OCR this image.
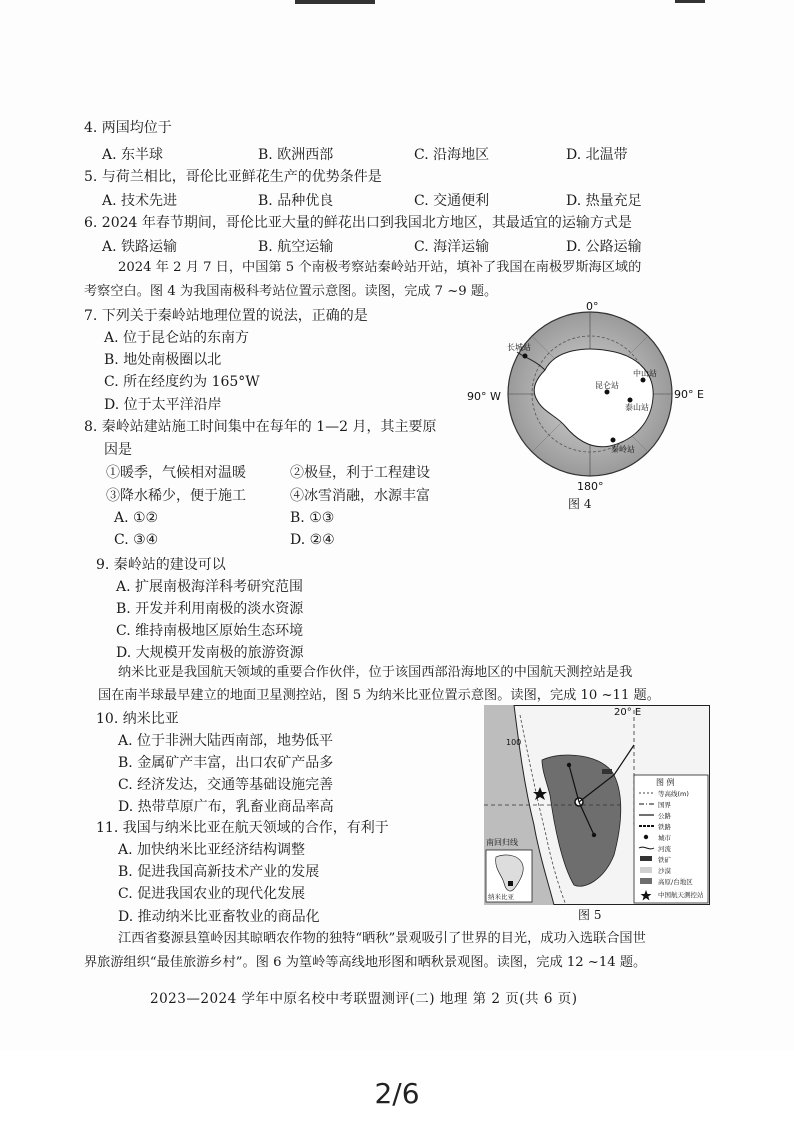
4. 两国均位于
A. 东半球	B. 欧洲西部	C. 沿海地区	D. 北温带
5. 与荷兰相比，哥伦比亚鲜花生产的优势条件是
A. 技术先进	B. 品种优良	C. 交通便利	D. 热量充足
6. 2024 年春节期间，哥伦比亚大量的鲜花出口到我国北方地区，其最适宜的运输方式是
A. 铁路运输	B. 航空运输	C. 海洋运输	D. 公路运输
2024 年 2 月 7 日，中国第 5 个南极考察站秦岭站开站，填补了我国在南极罗斯海区域的
考察空白。图 4 为我国南极科考站位置示意图。读图，完成 7 ~9 题。
7. 下列关于秦岭站地理位置的说法，正确的是
A. 位于昆仑站的东南方
B. 地处南极圈以北
C. 所在经度约为 165°W
D. 位于太平洋沿岸
8. 秦岭站建站施工时间集中在每年的 1—2 月，其主要原
因是
①暖季，气候相对温暖	②极昼，利于工程建设
③降水稀少，便于施工	④冰雪消融，水源丰富
A. ①②	B. ①③
C. ③④	D. ②④
0°
180°
90° W	90° E
昆仑站
中山站
泰山站
长城站
秦岭站
图 4
9. 秦岭站的建设可以
A. 扩展南极海洋科考研究范围
B. 开发并利用南极的淡水资源
C. 维持南极地区原始生态环境
D. 大规模开发南极的旅游资源
纳米比亚是我国航天领域的重要合作伙伴，位于该国西部沿海地区的中国航天测控站是我
国在南半球最早建立的地面卫星测控站，图 5 为纳米比亚位置示意图。读图，完成 10 ~11 题。
10. 纳米比亚
A. 位于非洲大陆西南部，地势低平
B. 金属矿产丰富，出口农矿产品多
C. 经济发达，交通等基础设施完善
D. 热带草原广布，乳畜业商品率高
11. 我国与纳米比亚在航天领域的合作，有利于
A. 加快纳米比亚经济结构调整
B. 促进我国高新技术产业的发展
C. 促进我国农业的现代化发展
D. 推动纳米比亚畜牧业的商品化
20° E
100
南回归线
图 例
等高线(m)
国界
公路
铁路
城市
河流
铁矿
沙漠
高原/台地区
中国航天测控站
纳米比亚
图 5
江西省婺源县篁岭因其晾晒农作物的独特“晒秋”景观吸引了世界的目光，成功入选联合国世
界旅游组织“最佳旅游乡村”。图 6 为篁岭等高线地形图和晒秋景观图。读图，完成 12 ~14 题。
2023—2024 学年中原名校中考联盟测评(二) 地理 第 2 页(共 6 页)
2/6
